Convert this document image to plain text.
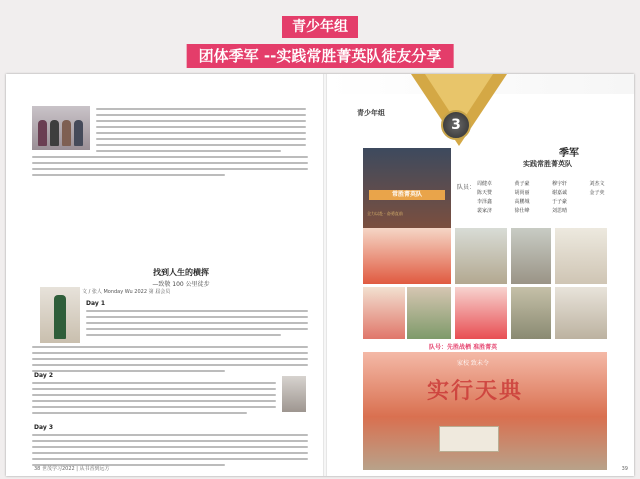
青少年组
团体季军 --实践常胜菁英队徒友分享
找到人生的横挥
—致敬 100 公里徒步
文 / 张人 Monday Wu 2022 第 届会员
Day 1
Day 2
Day 3
38 世茂学习2022 | 从书香到远方
青少年组
3
季军
实践常胜菁英队
常胜菁英队
全力以赴 · 奋勇直前
队员： 周健卓	黄子豪	穆宇轩	刘杰文
陈天赞	胡尚丽	谢嘉诚	金子奕
李泽鑫	高鹏城	于子豪
裴家济	徐仕峰	刘思晴
队号：先胜战栖 准胜菁英
家校 致未令
实行天典
39
